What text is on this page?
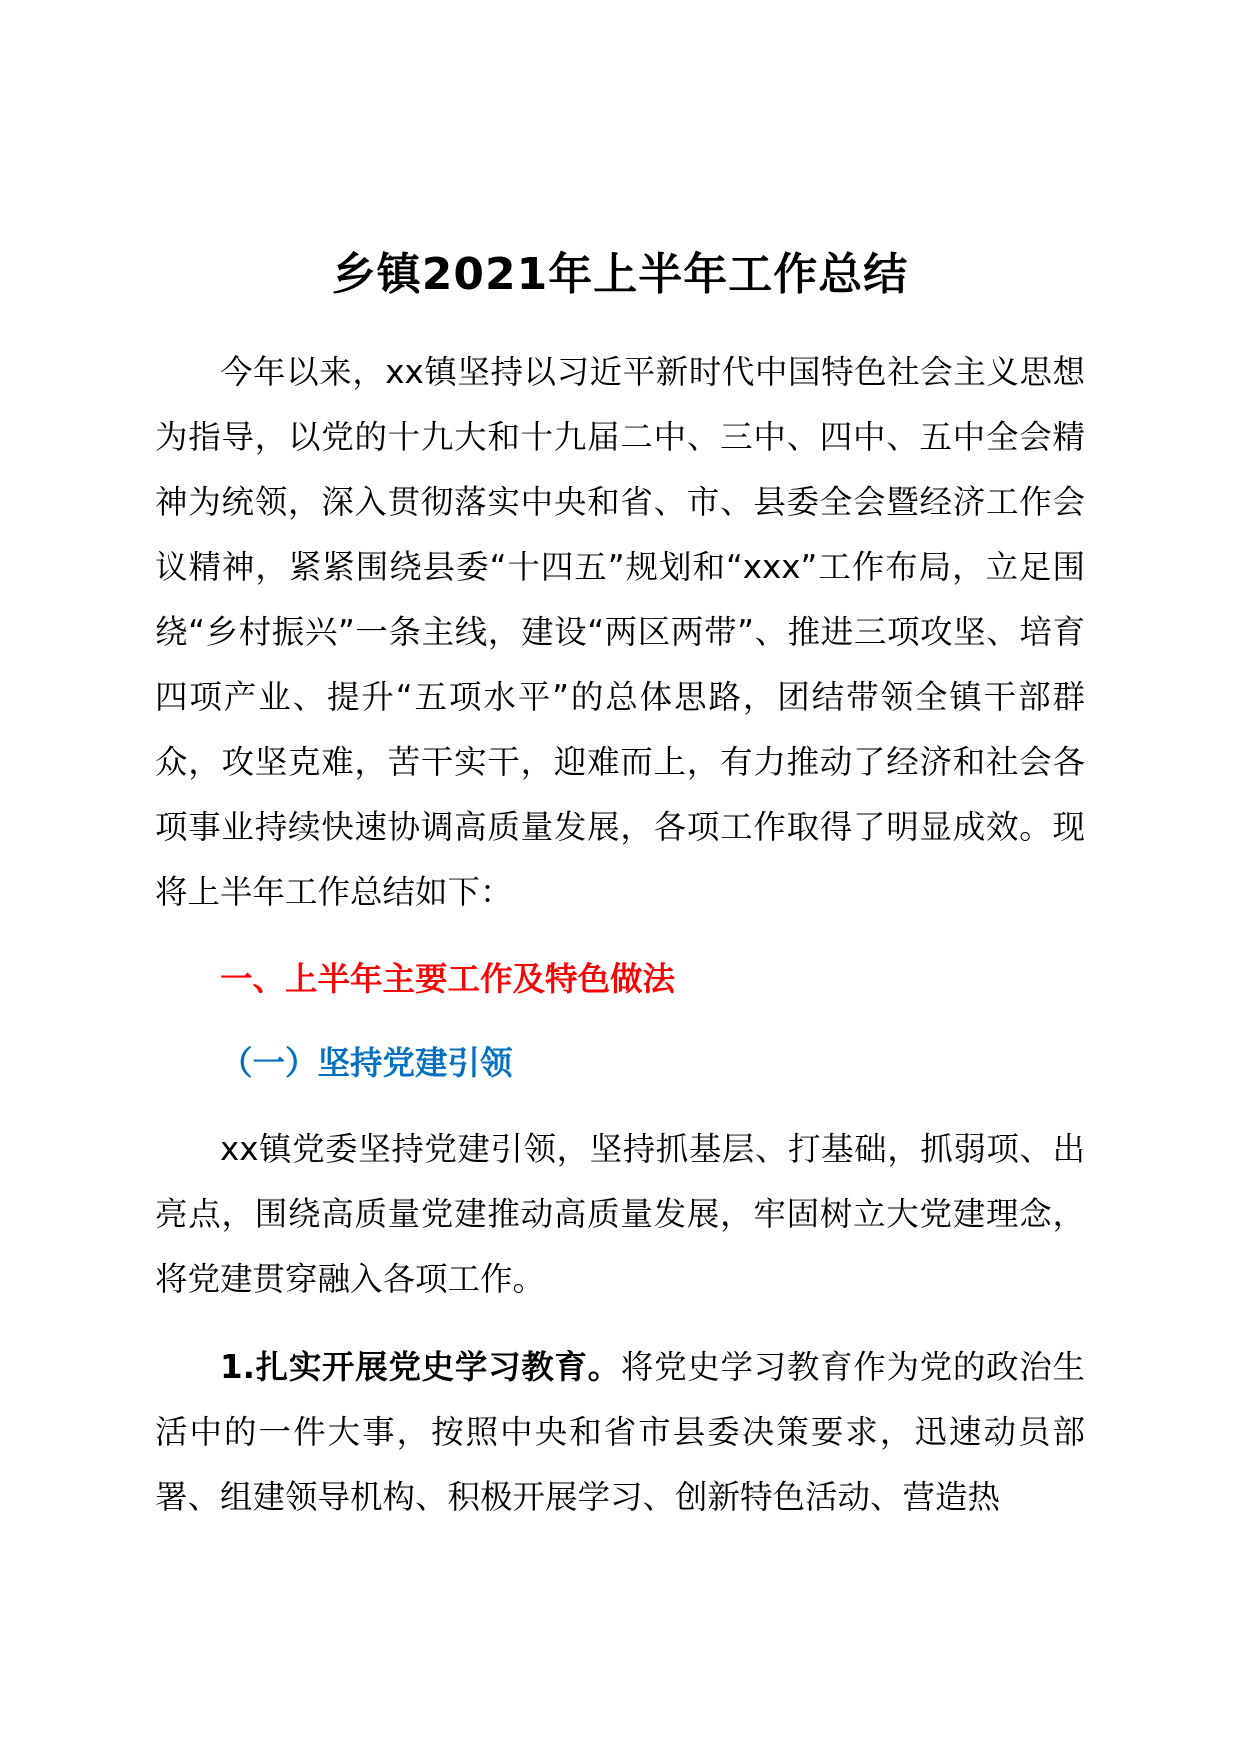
乡镇2021年上半年工作总结

今年以来，xx镇坚持以习近平新时代中国特色社会主义思想为指导，以党的十九大和十九届二中、三中、四中、五中全会精神为统领，深入贯彻落实中央和省、市、县委全会暨经济工作会议精神，紧紧围绕县委“十四五”规划和“xxx”工作布局，立足围绕“乡村振兴”一条主线，建设“两区两带”、推进三项攻坚、培育四项产业、提升“五项水平”的总体思路，团结带领全镇干部群众，攻坚克难，苦干实干，迎难而上，有力推动了经济和社会各项事业持续快速协调高质量发展，各项工作取得了明显成效。现将上半年工作总结如下：

一、上半年主要工作及特色做法
（一）坚持党建引领

xx镇党委坚持党建引领，坚持抓基层、打基础，抓弱项、出亮点，围绕高质量党建推动高质量发展，牢固树立大党建理念，将党建贯穿融入各项工作。

1.扎实开展党史学习教育。将党史学习教育作为党的政治生活中的一件大事，按照中央和省市县委决策要求，迅速动员部署、组建领导机构、积极开展学习、创新特色活动、营造热
